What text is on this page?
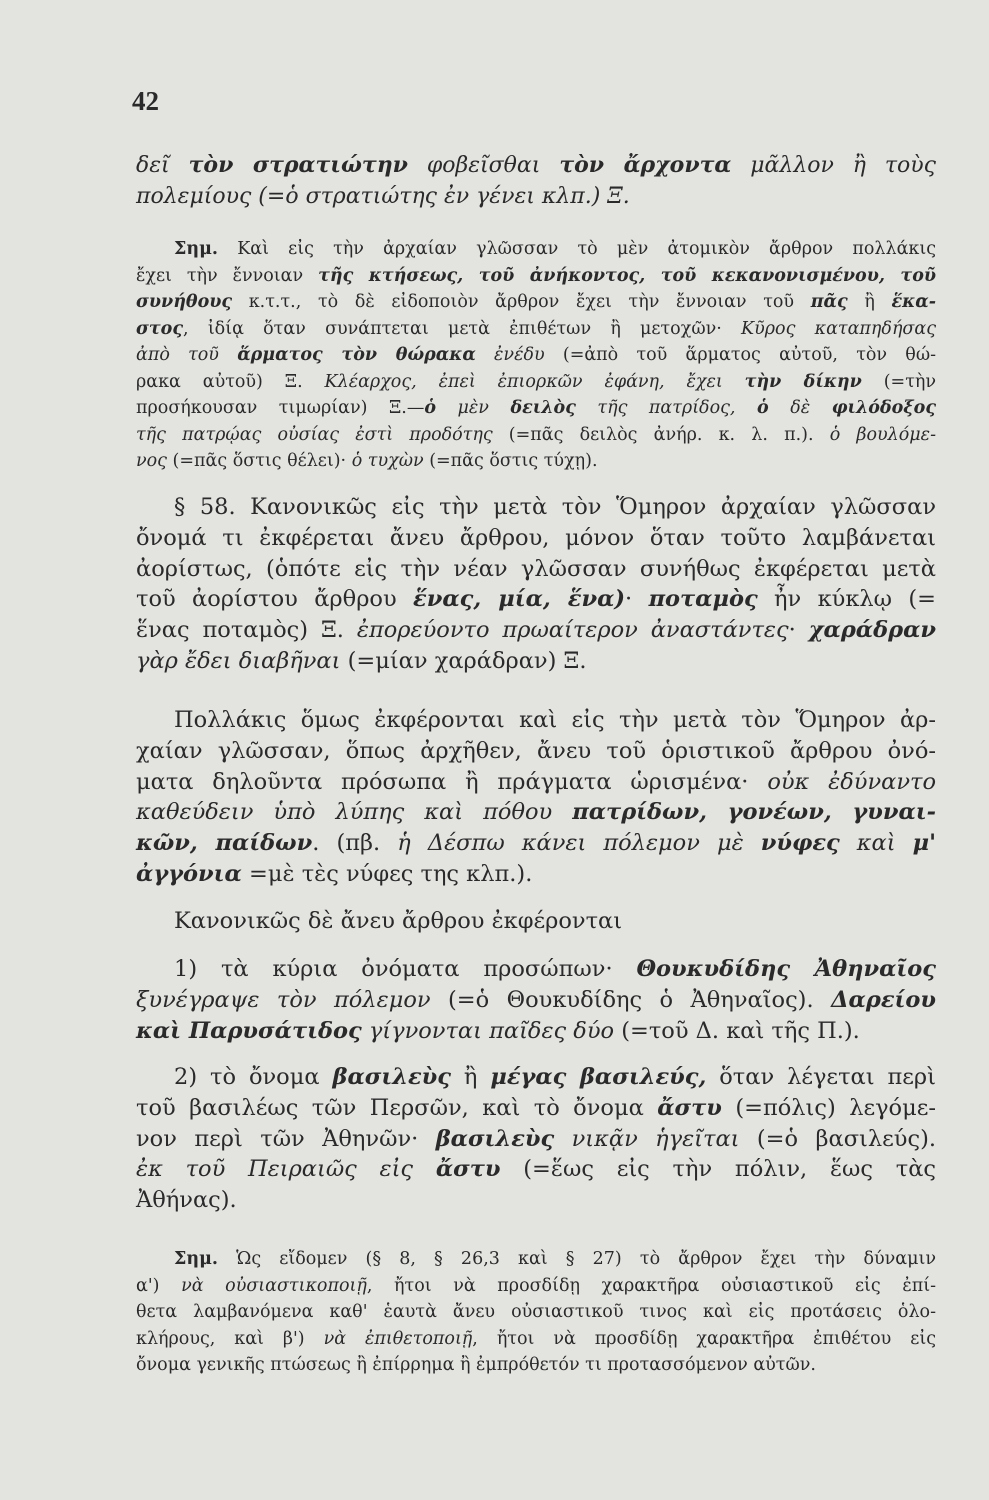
42
δεῖ τὸν στρατιώτην φοβεῖσθαι τὸν ἄρχοντα μᾶλλον ἢ τοὺς
πολεμίους (=ὁ στρατιώτης ἐν γένει κλπ.) Ξ.
Σημ. Καὶ εἰς τὴν ἀρχαίαν γλῶσσαν τὸ μὲν ἀτομικὸν ἄρθρον πολλάκις
ἔχει τὴν ἔννοιαν τῆς κτήσεως, τοῦ ἀνήκοντος, τοῦ κεκανονισμένου, τοῦ
συνήθους κ.τ.τ., τὸ δὲ εἰδοποιὸν ἄρθρον ἔχει τὴν ἔννοιαν τοῦ πᾶς ἢ ἕκα-
στος, ἰδίᾳ ὅταν συνάπτεται μετὰ ἐπιθέτων ἢ μετοχῶν· Κῦρος καταπηδήσας
ἀπὸ τοῦ ἅρματος τὸν θώρακα ἐνέδυ (=ἀπὸ τοῦ ἅρματος αὐτοῦ, τὸν θώ-
ρακα αὐτοῦ) Ξ. Κλέαρχος, ἐπεὶ ἐπιορκῶν ἐφάνη, ἔχει τὴν δίκην (=τὴν
προσήκουσαν τιμωρίαν) Ξ.—ὁ μὲν δειλὸς τῆς πατρίδος, ὁ δὲ φιλόδοξος
τῆς πατρῴας οὐσίας ἐστὶ προδότης (=πᾶς δειλὸς ἀνήρ. κ. λ. π.). ὁ βουλόμε-
νος (=πᾶς ὅστις θέλει)· ὁ τυχὼν (=πᾶς ὅστις τύχῃ).
§ 58. Κανονικῶς εἰς τὴν μετὰ τὸν Ὅμηρον ἀρχαίαν γλῶσσαν
ὄνομά τι ἐκφέρεται ἄνευ ἄρθρου, μόνον ὅταν τοῦτο λαμβάνεται
ἀορίστως, (ὁπότε εἰς τὴν νέαν γλῶσσαν συνήθως ἐκφέρεται μετὰ
τοῦ ἀορίστου ἄρθρου ἕνας, μία, ἕνα)· ποταμὸς ἦν κύκλῳ (=
ἕνας ποταμὸς) Ξ. ἐπορεύοντο πρωαίτερον ἀναστάντες· χαράδραν
γὰρ ἔδει διαβῆναι (=μίαν χαράδραν) Ξ.
Πολλάκις ὅμως ἐκφέρονται καὶ εἰς τὴν μετὰ τὸν Ὅμηρον ἀρ-
χαίαν γλῶσσαν, ὅπως ἀρχῆθεν, ἄνευ τοῦ ὁριστικοῦ ἄρθρου ὀνό-
ματα δηλοῦντα πρόσωπα ἢ πράγματα ὡρισμένα· οὐκ ἐδύναντο
καθεύδειν ὑπὸ λύπης καὶ πόθου πατρίδων, γονέων, γυναι-
κῶν, παίδων. (πβ. ἡ Δέσπω κάνει πόλεμον μὲ νύφες καὶ μ'
ἀγγόνια =μὲ τὲς νύφες της κλπ.).
Κανονικῶς δὲ ἄνευ ἄρθρου ἐκφέρονται
1) τὰ κύρια ὀνόματα προσώπων· Θουκυδίδης Ἀθηναῖος
ξυνέγραψε τὸν πόλεμον (=ὁ Θουκυδίδης ὁ Ἀθηναῖος). Δαρείου
καὶ Παρυσάτιδος γίγνονται παῖδες δύο (=τοῦ Δ. καὶ τῆς Π.).
2) τὸ ὄνομα βασιλεὺς ἢ μέγας βασιλεύς, ὅταν λέγεται περὶ
τοῦ βασιλέως τῶν Περσῶν, καὶ τὸ ὄνομα ἄστυ (=πόλις) λεγόμε-
νον περὶ τῶν Ἀθηνῶν· βασιλεὺς νικᾷν ἡγεῖται (=ὁ βασιλεύς).
ἐκ τοῦ Πειραιῶς εἰς ἄστυ (=ἕως εἰς τὴν πόλιν, ἕως τὰς
Ἀθήνας).
Σημ. Ὡς εἴδομεν (§ 8, § 26,3 καὶ § 27) τὸ ἄρθρον ἔχει τὴν δύναμιν
α') νὰ οὐσιαστικοποιῇ, ἤτοι νὰ προσδίδῃ χαρακτῆρα οὐσιαστικοῦ εἰς ἐπί-
θετα λαμβανόμενα καθ' ἑαυτὰ ἄνευ οὐσιαστικοῦ τινος καὶ εἰς προτάσεις ὁλο-
κλήρους, καὶ β') νὰ ἐπιθετοποιῇ, ἤτοι νὰ προσδίδῃ χαρακτῆρα ἐπιθέτου εἰς
ὄνομα γενικῆς πτώσεως ἢ ἐπίρρημα ἢ ἐμπρόθετόν τι προτασσόμενον αὐτῶν.
